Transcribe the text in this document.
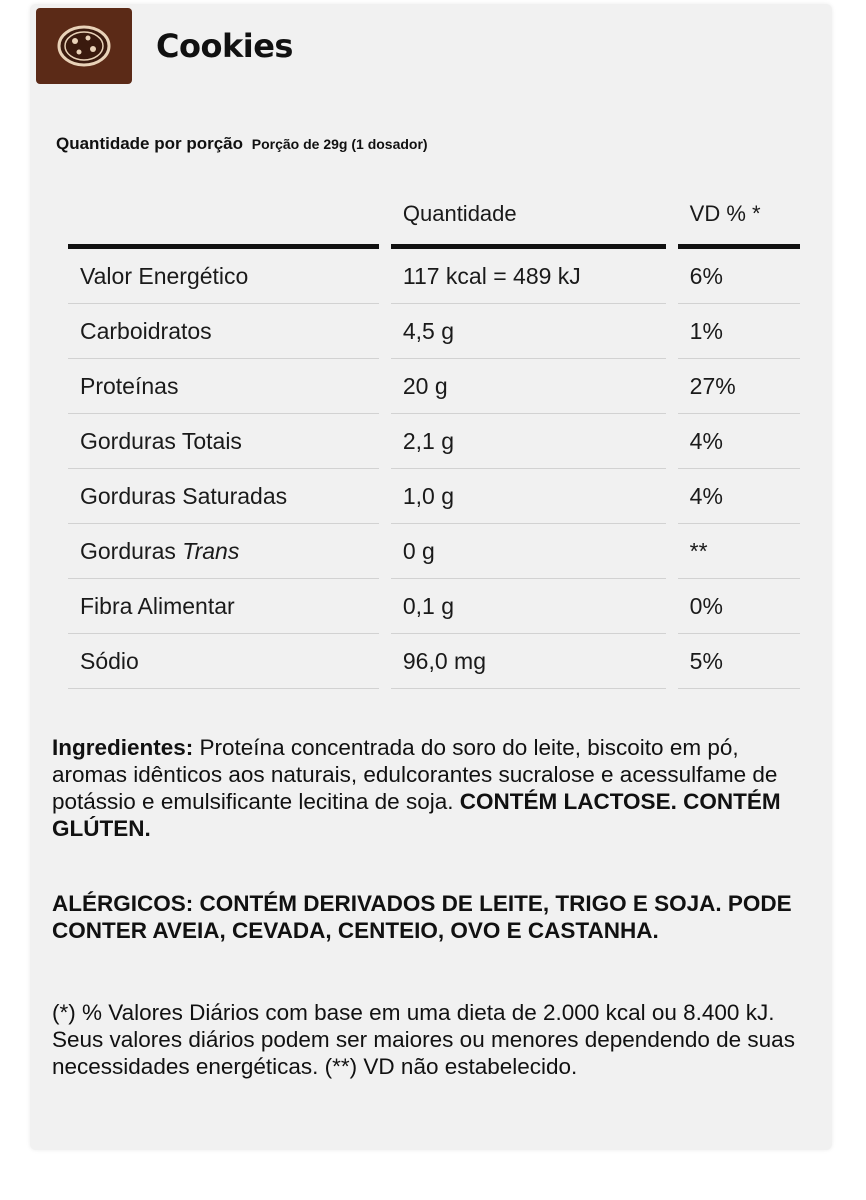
Cookies
Quantidade por porção Porção de 29g (1 dosador)
		Quantidade		VD % *
Valor Energético		117 kcal = 489 kJ		6%
Carboidratos		4,5 g		1%
Proteínas		20 g		27%
Gorduras Totais		2,1 g		4%
Gorduras Saturadas		1,0 g		4%
Gorduras Trans		0 g		**
Fibra Alimentar		0,1 g		0%
Sódio		96,0 mg		5%
Ingredientes: Proteína concentrada do soro do leite, biscoito em pó, aromas idênticos aos naturais, edulcorantes sucralose e acessulfame de potássio e emulsificante lecitina de soja. CONTÉM LACTOSE. CONTÉM GLÚTEN.
ALÉRGICOS: CONTÉM DERIVADOS DE LEITE, TRIGO E SOJA. PODE CONTER AVEIA, CEVADA, CENTEIO, OVO E CASTANHA.
(*) % Valores Diários com base em uma dieta de 2.000 kcal ou 8.400 kJ. Seus valores diários podem ser maiores ou menores dependendo de suas necessidades energéticas. (**) VD não estabelecido.
